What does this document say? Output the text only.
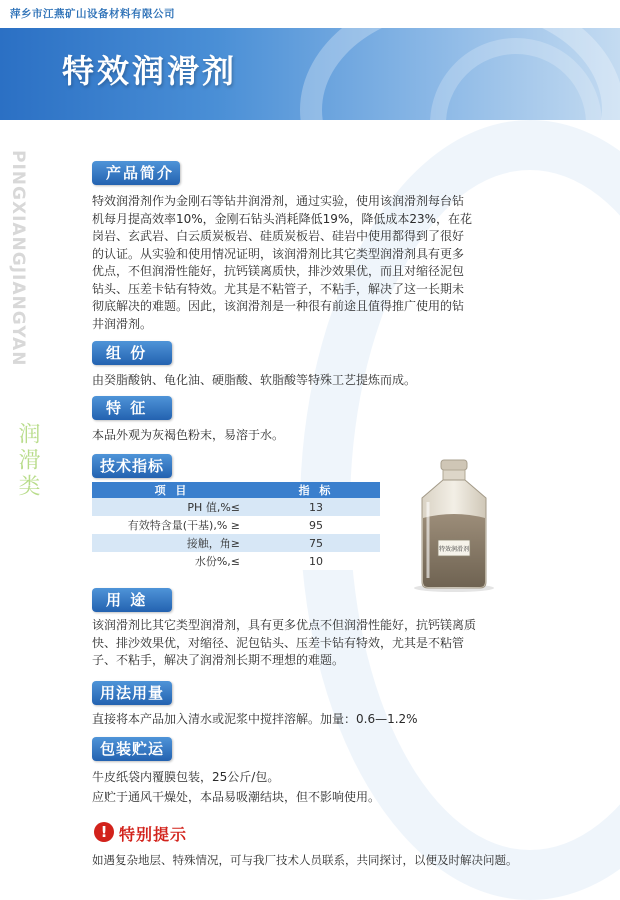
萍乡市江燕矿山设备材料有限公司
特效润滑剂
PINGXIANGJIANGYAN
润滑类
产品简介
特效润滑剂作为金刚石等钻井润滑剂，通过实验，使用该润滑剂每台钻
机每月提高效率10%，金刚石钻头消耗降低19%，降低成本23%，在花
岗岩、玄武岩、白云质炭板岩、硅质炭板岩、硅岩中使用都得到了很好
的认证。从实验和使用情况证明，该润滑剂比其它类型润滑剂具有更多
优点，不但润滑性能好，抗钙镁离质快，排沙效果优，而且对缩径泥包
钻头、压差卡钻有特效。尤其是不粘管子，不粘手，解决了这一长期未
彻底解决的难题。因此，该润滑剂是一种很有前途且值得推广使用的钻
井润滑剂。
组 份
由癸脂酸钠、龟化油、硬脂酸、软脂酸等特殊工艺提炼而成。
特 征
本品外观为灰褐色粉末，易溶于水。
技术指标
项 目	指 标
PH 值,%≤	13
有效特含量(干基),% ≥	95
接触，角≥	75
水份%,≤	10
特效润滑剂
用 途
该润滑剂比其它类型润滑剂，具有更多优点不但润滑性能好，抗钙镁离质
快、排沙效果优，对缩径、泥包钻头、压差卡钻有特效，尤其是不粘管
子、不粘手，解决了润滑剂长期不理想的难题。
用法用量
直接将本产品加入清水或泥浆中搅拌溶解。加量：0.6—1.2%
包装贮运
牛皮纸袋内覆膜包装，25公斤/包。
应贮于通风干燥处，本品易吸潮结块，但不影响使用。
! 特别提示
如遇复杂地层、特殊情况，可与我厂技术人员联系，共同探讨，以便及时解决问题。
